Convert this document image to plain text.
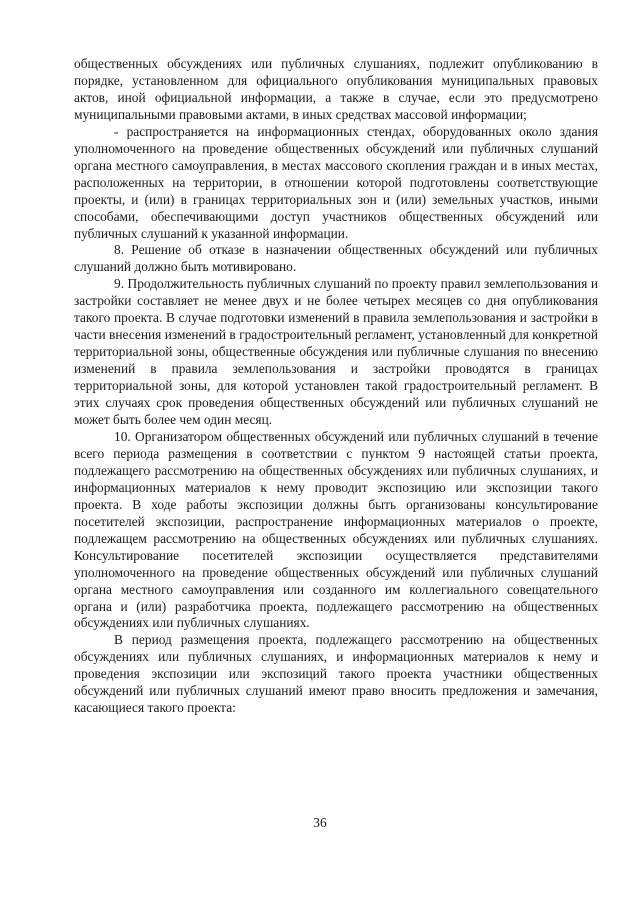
общественных обсуждениях или публичных слушаниях, подлежит опубликованию в порядке, установленном для официального опубликования муниципальных правовых актов, иной официальной информации, а также в случае, если это предусмотрено муниципальными правовыми актами, в иных средствах массовой информации;

- распространяется на информационных стендах, оборудованных около здания уполномоченного на проведение общественных обсуждений или публичных слушаний органа местного самоуправления, в местах массового скопления граждан и в иных местах, расположенных на территории, в отношении которой подготовлены соответствующие проекты, и (или) в границах территориальных зон и (или) земельных участков, иными способами, обеспечивающими доступ участников общественных обсуждений или публичных слушаний к указанной информации.

8. Решение об отказе в назначении общественных обсуждений или публичных слушаний должно быть мотивировано.

9. Продолжительность публичных слушаний по проекту правил землепользования и застройки составляет не менее двух и не более четырех месяцев со дня опубликования такого проекта. В случае подготовки изменений в правила землепользования и застройки в части внесения изменений в градостроительный регламент, установленный для конкретной территориальной зоны, общественные обсуждения или публичные слушания по внесению изменений в правила землепользования и застройки проводятся в границах территориальной зоны, для которой установлен такой градостроительный регламент. В этих случаях срок проведения общественных обсуждений или публичных слушаний не может быть более чем один месяц.

10. Организатором общественных обсуждений или публичных слушаний в течение всего периода размещения в соответствии с пунктом 9 настоящей статьи проекта, подлежащего рассмотрению на общественных обсуждениях или публичных слушаниях, и информационных материалов к нему проводит экспозицию или экспозиции такого проекта. В ходе работы экспозиции должны быть организованы консультирование посетителей экспозиции, распространение информационных материалов о проекте, подлежащем рассмотрению на общественных обсуждениях или публичных слушаниях. Консультирование посетителей экспозиции осуществляется представителями уполномоченного на проведение общественных обсуждений или публичных слушаний органа местного самоуправления или созданного им коллегиального совещательного органа и (или) разработчика проекта, подлежащего рассмотрению на общественных обсуждениях или публичных слушаниях.

В период размещения проекта, подлежащего рассмотрению на общественных обсуждениях или публичных слушаниях, и информационных материалов к нему и проведения экспозиции или экспозиций такого проекта участники общественных обсуждений или публичных слушаний имеют право вносить предложения и замечания, касающиеся такого проекта:

36
